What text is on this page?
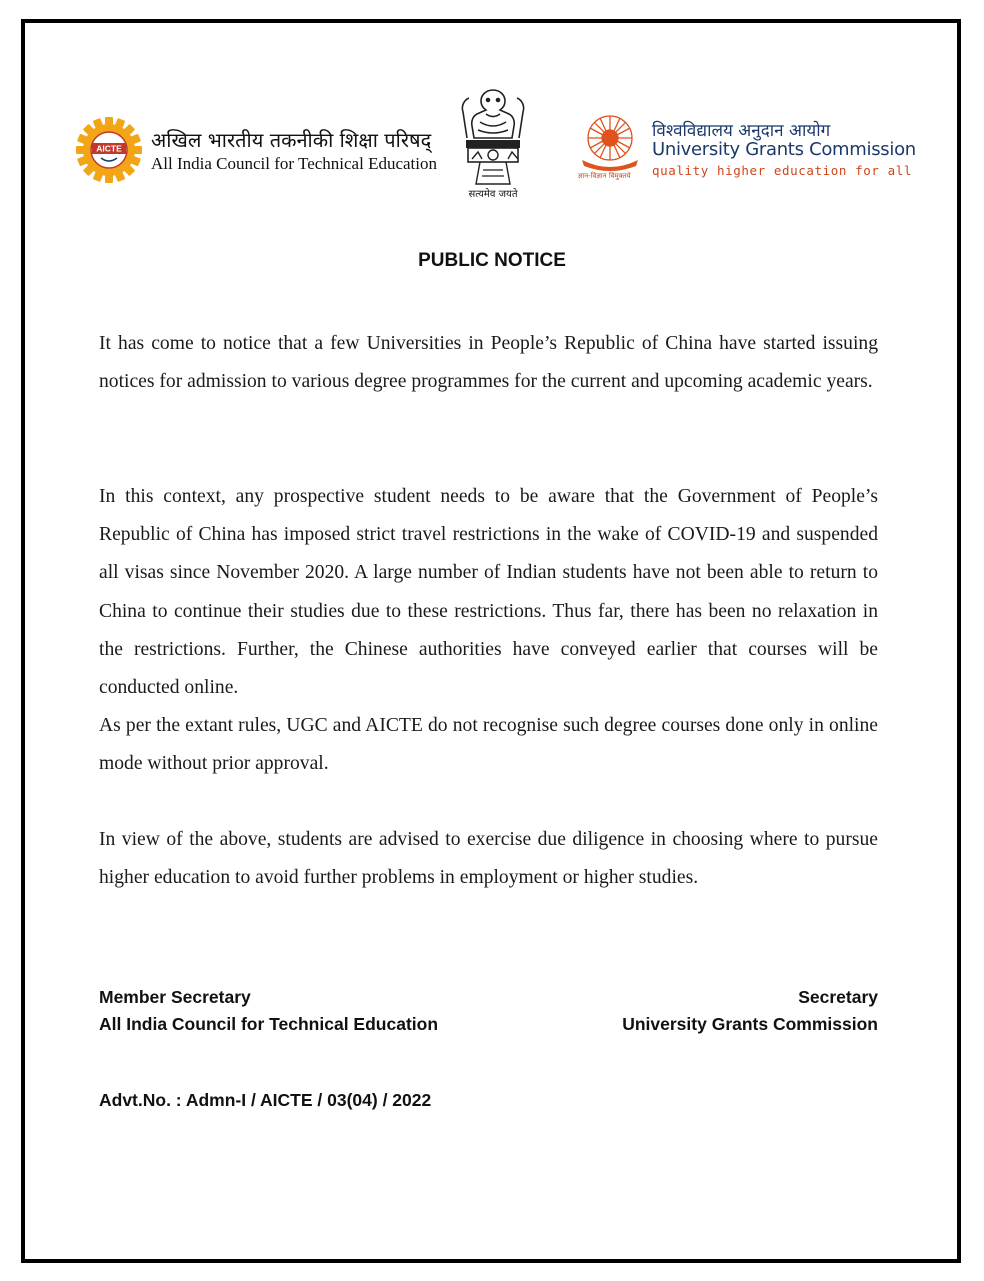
AICTE अखिल भारतीय तकनीकी शिक्षा परिषद्
All India Council for Technical Education
सत्यमेव जयते
ज्ञान-विज्ञान विमुक्तये
विश्वविद्यालय अनुदान आयोग
University Grants Commission
quality higher education for all
PUBLIC NOTICE

It has come to notice that a few Universities in People’s Republic of China have started issuing notices for admission to various degree programmes for the current and upcoming academic years.

In this context, any prospective student needs to be aware that the Government of People’s Republic of China has imposed strict travel restrictions in the wake of COVID-19 and suspended all visas since November 2020. A large number of Indian students have not been able to return to China to continue their studies due to these restrictions. Thus far, there has been no relaxation in the restrictions. Further, the Chinese authorities have conveyed earlier that courses will be conducted online.

As per the extant rules, UGC and AICTE do not recognise such degree courses done only in online mode without prior approval.

In view of the above, students are advised to exercise due diligence in choosing where to pursue higher education to avoid further problems in employment or higher studies.

Member Secretary
All India Council for Technical Education
Secretary
University Grants Commission
Advt.No. : Admn-I / AICTE / 03(04) / 2022
